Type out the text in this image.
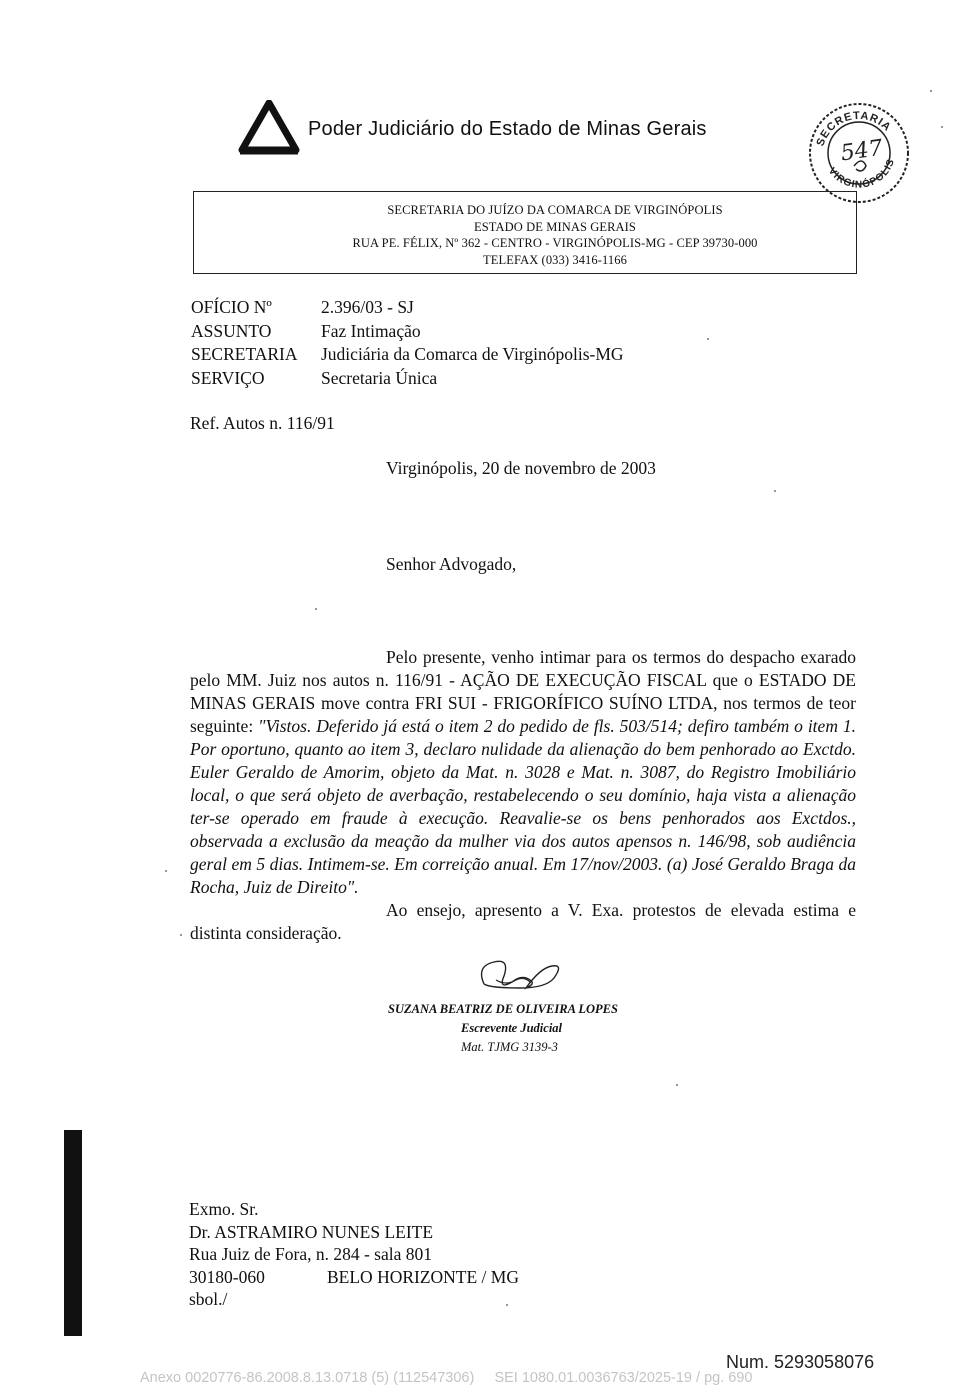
Poder Judiciário do Estado de Minas Gerais
SECRETARIA
VIRGINÓPOLIS
547
SECRETARIA DO JUÍZO DA COMARCA DE VIRGINÓPOLIS
ESTADO DE MINAS GERAIS
RUA PE. FÉLIX, Nº 362 - CENTRO - VIRGINÓPOLIS-MG - CEP 39730-000
TELEFAX (033) 3416-1166
OFÍCIO Nº	2.396/03 - SJ
ASSUNTO	Faz Intimação
SECRETARIA	Judiciária da Comarca de Virginópolis-MG
SERVIÇO	Secretaria Única
Ref. Autos n. 116/91
Virginópolis, 20 de novembro de 2003
Senhor Advogado,

Pelo presente, venho intimar para os termos do despacho exarado pelo MM. Juiz nos autos n. 116/91 - AÇÃO DE EXECUÇÃO FISCAL que o ESTADO DE MINAS GERAIS move contra FRI SUI - FRIGORÍFICO SUÍNO LTDA, nos termos de teor seguinte: "Vistos. Deferido já está o item 2 do pedido de fls. 503/514; defiro também o item 1. Por oportuno, quanto ao item 3, declaro nulidade da alienação do bem penhorado ao Exctdo. Euler Geraldo de Amorim, objeto da Mat. n. 3028 e Mat. n. 3087, do Registro Imobiliário local, o que será objeto de averbação, restabelecendo o seu domínio, haja vista a alienação ter-se operado em fraude à execução. Reavalie-se os bens penhorados aos Exctdos., observada a exclusão da meação da mulher via dos autos apensos n. 146/98, sob audiência geral em 5 dias. Intimem-se. Em correição anual. Em 17/nov/2003. (a) José Geraldo Braga da Rocha, Juiz de Direito".

Ao ensejo, apresento a V. Exa. protestos de elevada estima e distinta consideração.

SUZANA BEATRIZ DE OLIVEIRA LOPES
Escrevente Judicial
Mat. TJMG 3139-3
Exmo. Sr.
Dr. ASTRAMIRO NUNES LEITE
Rua Juiz de Fora, n. 284 - sala 801
30180-060	BELO HORIZONTE / MG
sbol./
Num. 5293058076
Anexo 0020776-86.2008.8.13.0718 (5) (112547306)     SEI 1080.01.0036763/2025-19 / pg. 690
